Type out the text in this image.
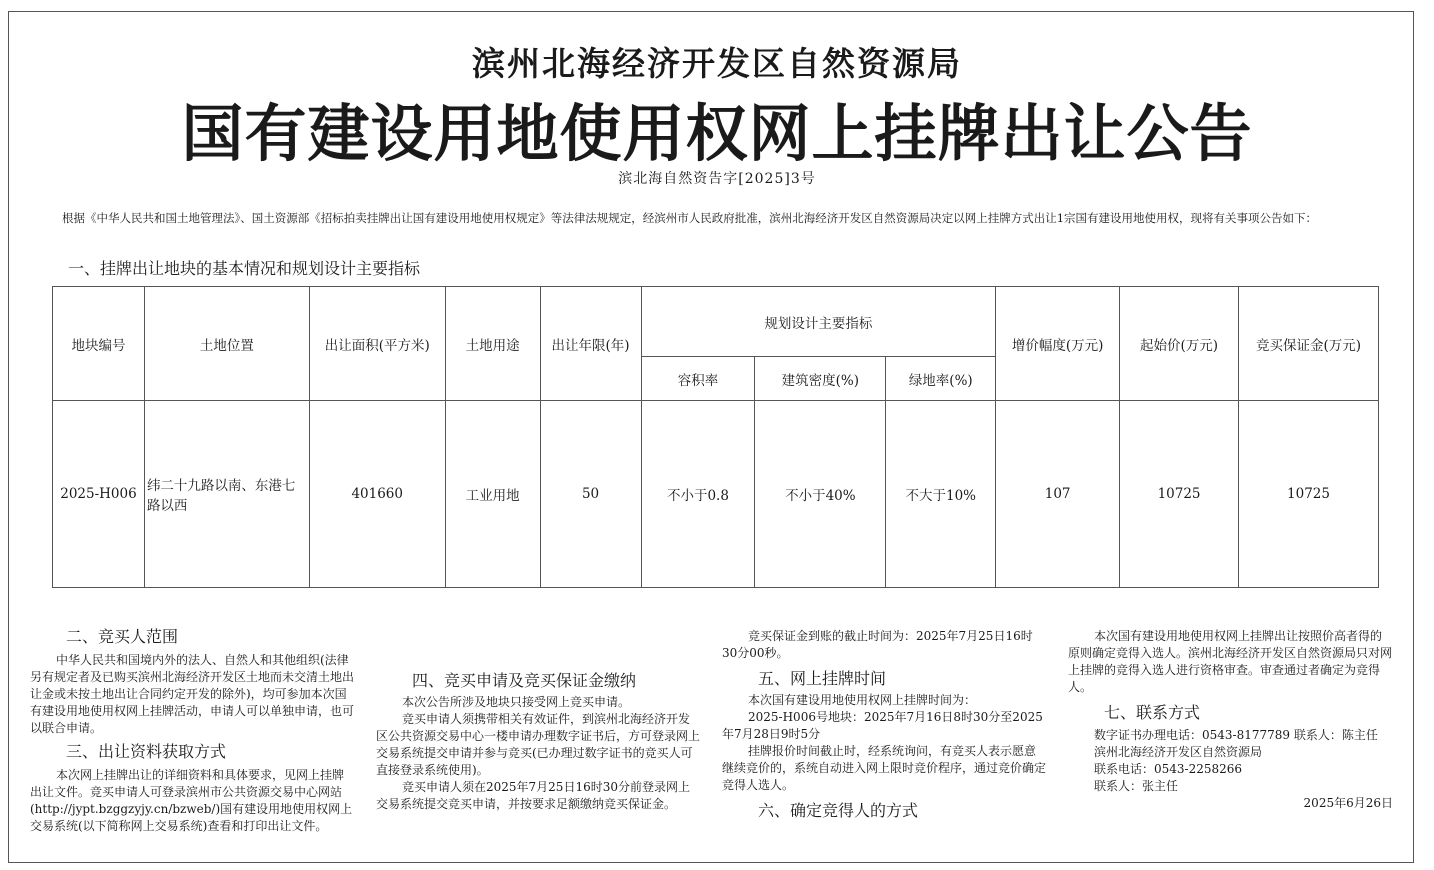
滨州北海经济开发区自然资源局
国有建设用地使用权网上挂牌出让公告
滨北海自然资告字[2025]3号
根据《中华人民共和国土地管理法》、国土资源部《招标拍卖挂牌出让国有建设用地使用权规定》等法律法规规定，经滨州市人民政府批准，滨州北海经济开发区自然资源局决定以网上挂牌方式出让1宗国有建设用地使用权，现将有关事项公告如下：
一、挂牌出让地块的基本情况和规划设计主要指标
地块编号	土地位置	出让面积(平方米)	土地用途	出让年限(年)	规划设计主要指标			增价幅度(万元)	起始价(万元)	竞买保证金(万元)
					容积率	建筑密度(%)	绿地率(%)			
2025-H006	纬二十九路以南、东港七路以西	401660	工业用地	50	不小于0.8	不小于40%	不大于10%	107	10725	10725
二、竞买人范围

中华人民共和国境内外的法人、自然人和其他组织(法律另有规定者及已购买滨州北海经济开发区土地而未交清土地出让金或未按土地出让合同约定开发的除外)，均可参加本次国有建设用地使用权网上挂牌活动，申请人可以单独申请，也可以联合申请。

三、出让资料获取方式

本次网上挂牌出让的详细资料和具体要求，见网上挂牌出让文件。竞买申请人可登录滨州市公共资源交易中心网站(http://jypt.bzggzyjy.cn/bzweb/)国有建设用地使用权网上交易系统(以下简称网上交易系统)查看和打印出让文件。

四、竞买申请及竞买保证金缴纳

本次公告所涉及地块只接受网上竞买申请。

竞买申请人须携带相关有效证件，到滨州北海经济开发区公共资源交易中心一楼申请办理数字证书后，方可登录网上交易系统提交申请并参与竞买(已办理过数字证书的竞买人可直接登录系统使用)。

竞买申请人须在2025年7月25日16时30分前登录网上交易系统提交竞买申请，并按要求足额缴纳竞买保证金。

竞买保证金到账的截止时间为：2025年7月25日16时30分00秒。

五、网上挂牌时间

本次国有建设用地使用权网上挂牌时间为：

2025-H006号地块：2025年7月16日8时30分至2025年7月28日9时5分

挂牌报价时间截止时，经系统询问，有竞买人表示愿意继续竞价的，系统自动进入网上限时竞价程序，通过竞价确定竞得人选人。

六、确定竞得人的方式

本次国有建设用地使用权网上挂牌出让按照价高者得的原则确定竞得入选人。滨州北海经济开发区自然资源局只对网上挂牌的竞得入选人进行资格审查。审查通过者确定为竞得人。

七、联系方式

数字证书办理电话：0543-8177789 联系人：陈主任

滨州北海经济开发区自然资源局

联系电话：0543-2258266

联系人：张主任

2025年6月26日
